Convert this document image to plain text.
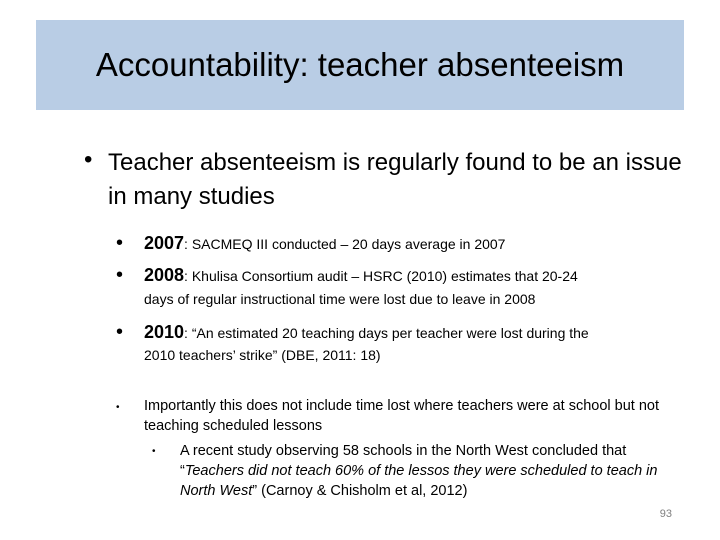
Accountability: teacher absenteeism
• Teacher absenteeism is regularly found to be an issue in many studies
• 2007: SACMEQ III conducted – 20 days average in 2007
• 2008: Khulisa Consortium audit – HSRC (2010) estimates that 20-24
days of regular instructional time were lost due to leave in 2008
• 2010: “An estimated 20 teaching days per teacher were lost during the
2010 teachers’ strike” (DBE, 2011: 18)
• Importantly this does not include time lost where teachers were at school but not teaching scheduled lessons
• A recent study observing 58 schools in the North West concluded that “Teachers did not teach 60% of the lessos they were scheduled to teach in North West” (Carnoy & Chisholm et al, 2012)
93
